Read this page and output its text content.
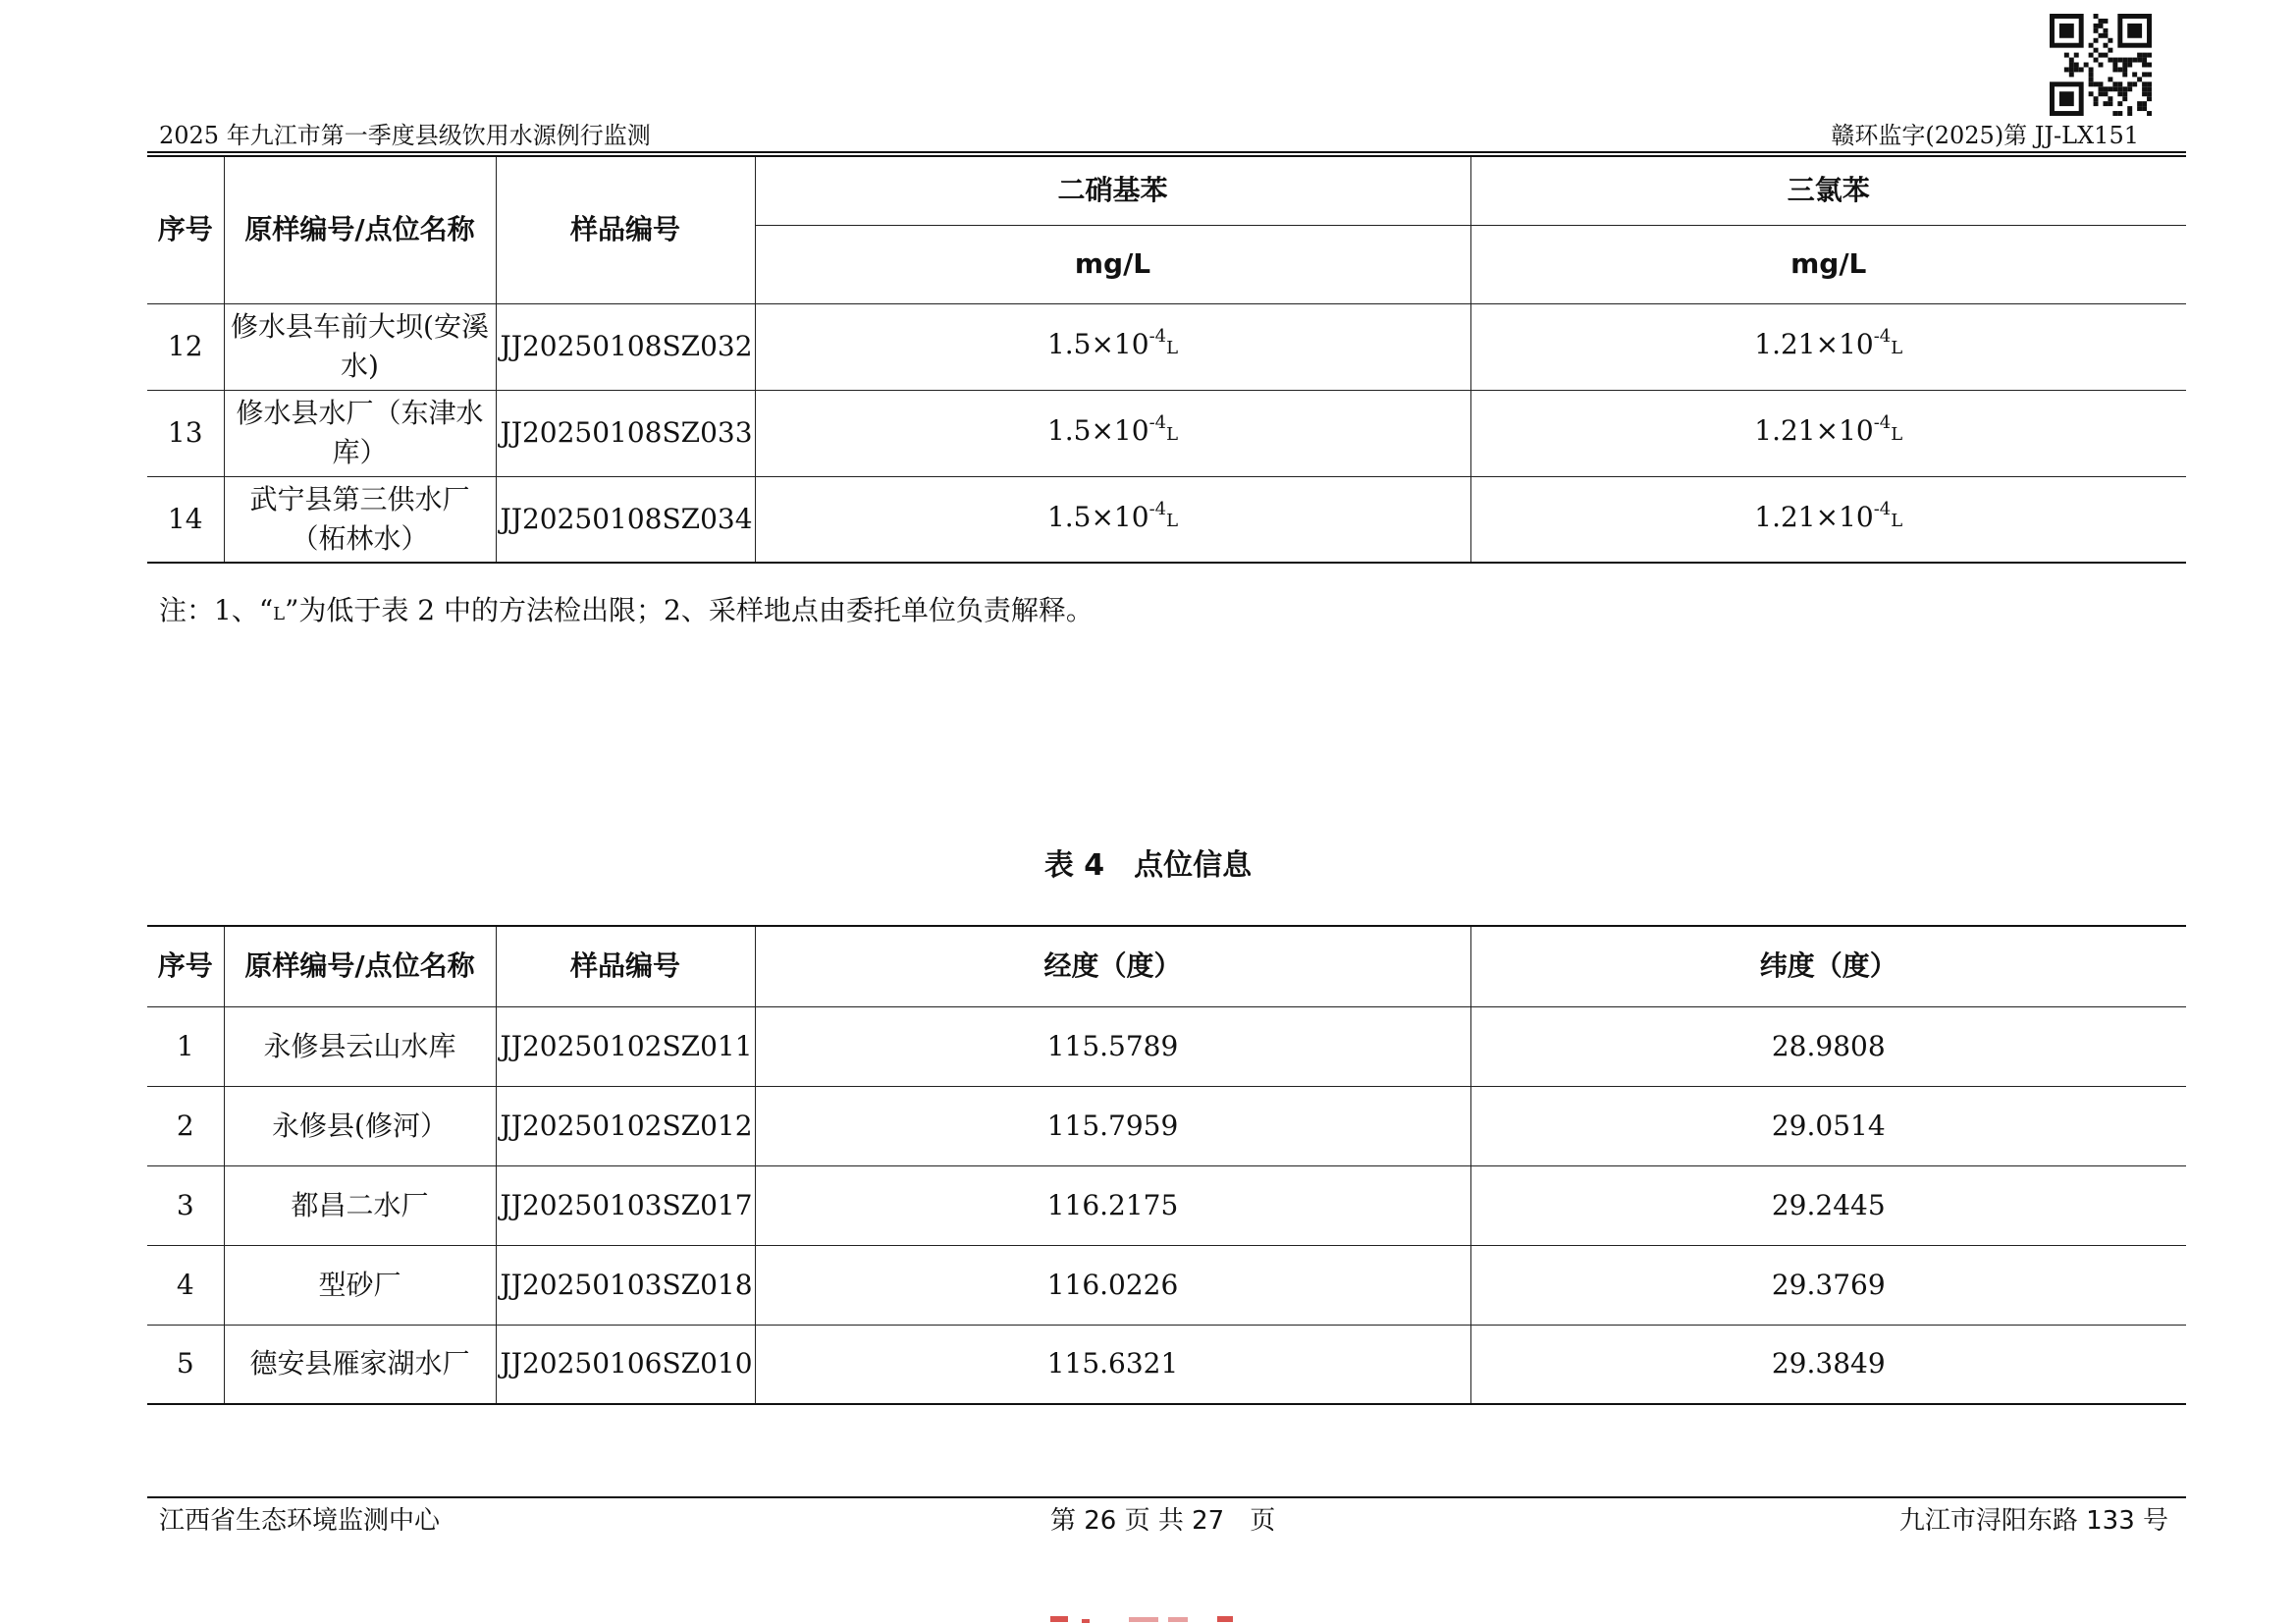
2025 年九江市第一季度县级饮用水源例行监测	赣环监字(2025)第 JJ-LX151
序号	原样编号/点位名称	样品编号	二硝基苯	三氯苯
			mg/L	mg/L
12	修水县车前大坝(安溪水)	JJ20250108SZ032	$1.5\times 10^{-4}L$	$1.21\times 10^{-4}L$
13	修水县水厂（东津水库）	JJ20250108SZ033	$1.5\times 10^{-4}L$	$1.21\times 10^{-4}L$
14	武宁县第三供水厂（柘林水）	JJ20250108SZ034	$1.5\times 10^{-4}L$	$1.21\times 10^{-4}L$
注：1、“L”为低于表 2 中的方法检出限；2、采样地点由委托单位负责解释。
表 4　点位信息
序号	原样编号/点位名称	样品编号	经度（度）	纬度（度）
1	永修县云山水库	JJ20250102SZ011	115.5789	28.9808
2	永修县(修河）	JJ20250102SZ012	115.7959	29.0514
3	都昌二水厂	JJ20250103SZ017	116.2175	29.2445
4	型砂厂	JJ20250103SZ018	116.0226	29.3769
5	德安县雁家湖水厂	JJ20250106SZ010	115.6321	29.3849
江西省生态环境监测中心	第 26 页 共 27　页	九江市浔阳东路 133 号
